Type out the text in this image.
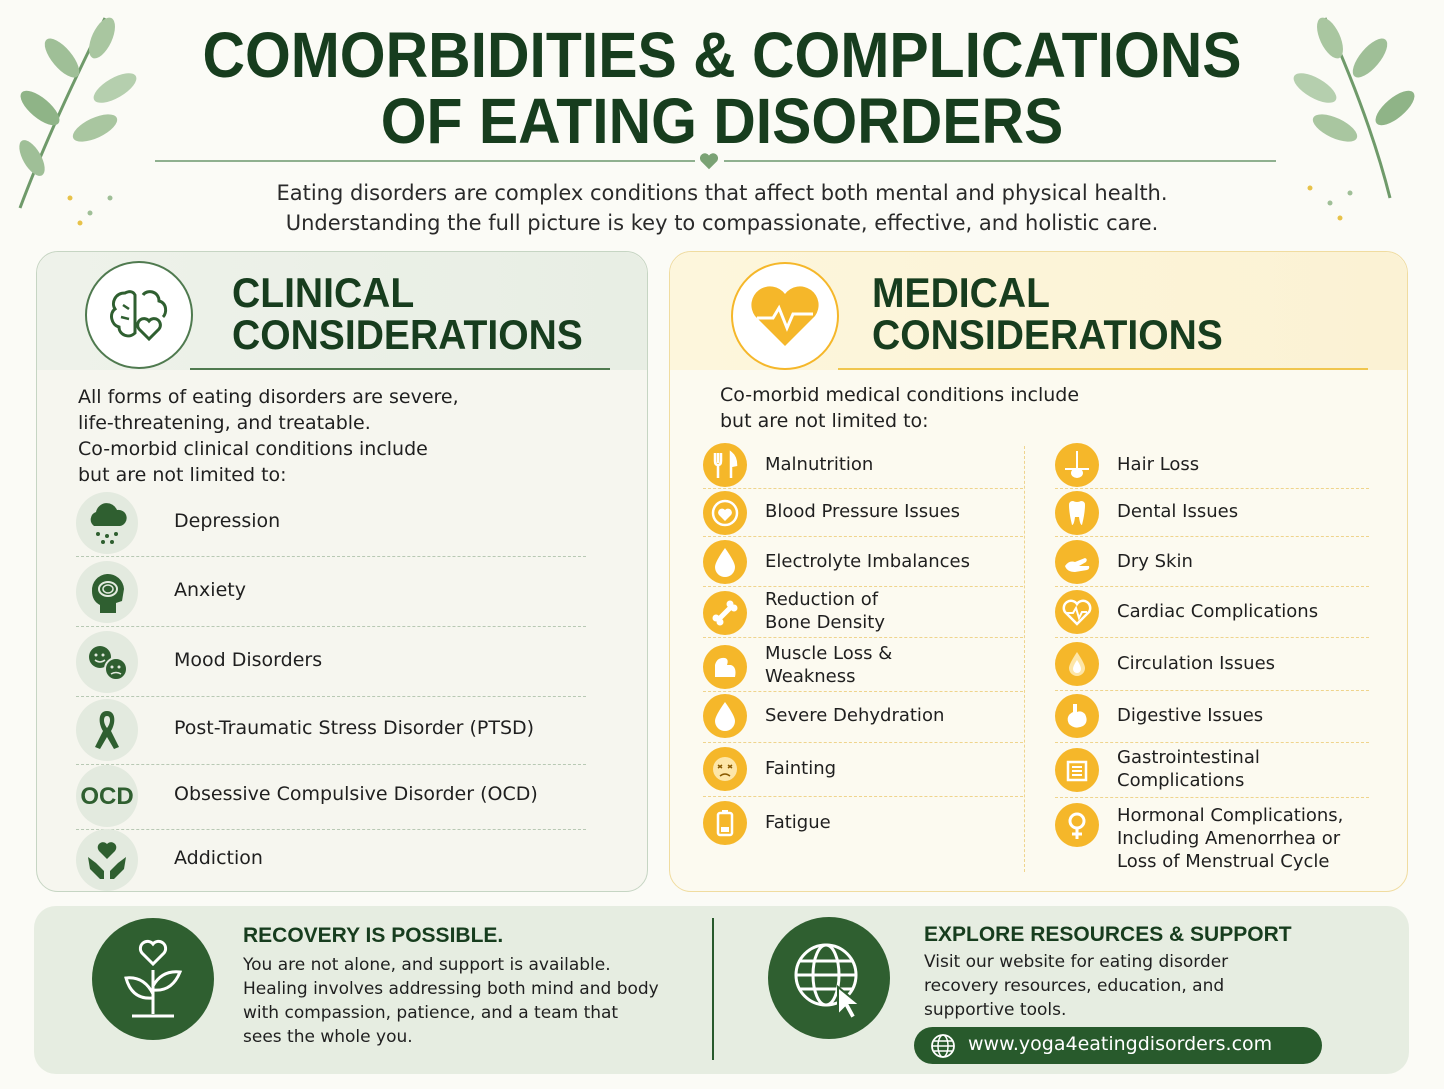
COMORBIDITIES & COMPLICATIONS
OF EATING DISORDERS
Eating disorders are complex conditions that affect both mental and physical health.
Understanding the full picture is key to compassionate, effective, and holistic care.
CLINICAL
CONSIDERATIONS
All forms of eating disorders are severe,
life-threatening, and treatable.
Co-morbid clinical conditions include
but are not limited to:
Depression
Anxiety
Mood Disorders
Post-Traumatic Stress Disorder (PTSD)
OCD Obsessive Compulsive Disorder (OCD)
Addiction
MEDICAL
CONSIDERATIONS
Co-morbid medical conditions include
but are not limited to:
Malnutrition
Blood Pressure Issues
Electrolyte Imbalances
Reduction of
Bone Density
Muscle Loss &
Weakness
Severe Dehydration
Fainting
Fatigue
Hair Loss
Dental Issues
Dry Skin
Cardiac Complications
Circulation Issues
Digestive Issues
Gastrointestinal
Complications
Hormonal Complications,
Including Amenorrhea or
Loss of Menstrual Cycle
RECOVERY IS POSSIBLE.
You are not alone, and support is available.
Healing involves addressing both mind and body
with compassion, patience, and a team that
sees the whole you.
EXPLORE RESOURCES & SUPPORT
Visit our website for eating disorder
recovery resources, education, and
supportive tools.
www.yoga4eatingdisorders.com
